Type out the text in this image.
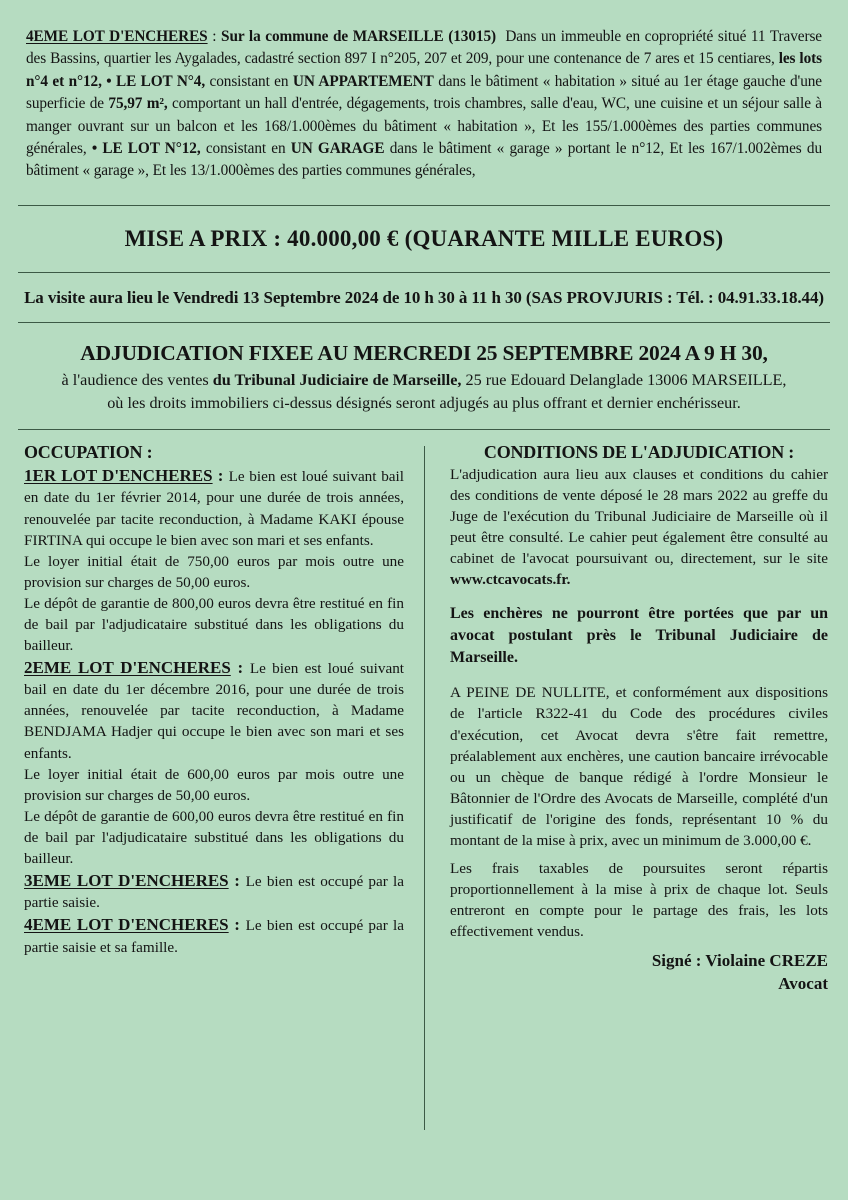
4EME LOT D'ENCHERES : Sur la commune de MARSEILLE (13015) Dans un immeuble en copropriété situé 11 Traverse des Bassins, quartier les Aygalades, cadastré section 897 I n°205, 207 et 209, pour une contenance de 7 ares et 15 centiares, les lots n°4 et n°12, • LE LOT N°4, consistant en UN APPARTEMENT dans le bâtiment « habitation » situé au 1er étage gauche d'une superficie de 75,97 m², comportant un hall d'entrée, dégagements, trois chambres, salle d'eau, WC, une cuisine et un séjour salle à manger ouvrant sur un balcon et les 168/1.000èmes du bâtiment « habitation », Et les 155/1.000èmes des parties communes générales, • LE LOT N°12, consistant en UN GARAGE dans le bâtiment « garage » portant le n°12, Et les 167/1.002èmes du bâtiment « garage », Et les 13/1.000èmes des parties communes générales,

MISE A PRIX : 40.000,00 € (QUARANTE MILLE EUROS)
La visite aura lieu le Vendredi 13 Septembre 2024 de 10 h 30 à 11 h 30 (SAS PROVJURIS : Tél. : 04.91.33.18.44)
ADJUDICATION FIXEE AU MERCREDI 25 SEPTEMBRE 2024 A 9 H 30,
à l'audience des ventes du Tribunal Judiciaire de Marseille, 25 rue Edouard Delanglade 13006 MARSEILLE,
où les droits immobiliers ci-dessus désignés seront adjugés au plus offrant et dernier enchérisseur.
OCCUPATION :

1ER LOT D'ENCHERES : Le bien est loué suivant bail en date du 1er février 2014, pour une durée de trois années, renouvelée par tacite reconduction, à Madame KAKI épouse FIRTINA qui occupe le bien avec son mari et ses enfants.

Le loyer initial était de 750,00 euros par mois outre une provision sur charges de 50,00 euros.

Le dépôt de garantie de 800,00 euros devra être restitué en fin de bail par l'adjudicataire substitué dans les obligations du bailleur.

2EME LOT D'ENCHERES : Le bien est loué suivant bail en date du 1er décembre 2016, pour une durée de trois années, renouvelée par tacite reconduction, à Madame BENDJAMA Hadjer qui occupe le bien avec son mari et ses enfants.

Le loyer initial était de 600,00 euros par mois outre une provision sur charges de 50,00 euros.

Le dépôt de garantie de 600,00 euros devra être restitué en fin de bail par l'adjudicataire substitué dans les obligations du bailleur.

3EME LOT D'ENCHERES : Le bien est occupé par la partie saisie.

4EME LOT D'ENCHERES : Le bien est occupé par la partie saisie et sa famille.

CONDITIONS DE L'ADJUDICATION :

L'adjudication aura lieu aux clauses et conditions du cahier des conditions de vente déposé le 28 mars 2022 au greffe du Juge de l'exécution du Tribunal Judiciaire de Marseille où il peut être consulté. Le cahier peut également être consulté au cabinet de l'avocat poursuivant ou, directement, sur le site www.ctcavocats.fr.

Les enchères ne pourront être portées que par un avocat postulant près le Tribunal Judiciaire de Marseille.

A PEINE DE NULLITE, et conformément aux dispositions de l'article R322-41 du Code des procédures civiles d'exécution, cet Avocat devra s'être fait remettre, préalablement aux enchères, une caution bancaire irrévocable ou un chèque de banque rédigé à l'ordre Monsieur le Bâtonnier de l'Ordre des Avocats de Marseille, complété d'un justificatif de l'origine des fonds, représentant 10 % du montant de la mise à prix, avec un minimum de 3.000,00 €.

Les frais taxables de poursuites seront répartis proportionnellement à la mise à prix de chaque lot. Seuls entreront en compte pour le partage des frais, les lots effectivement vendus.

Signé : Violaine CREZE
Avocat
